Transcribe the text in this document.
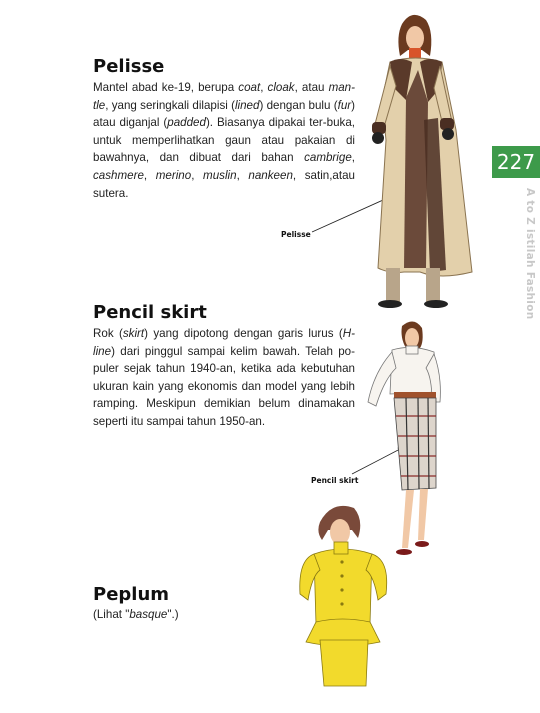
227
A to Z istilah Fashion
Pelisse

Mantel abad ke-19, berupa coat, cloak, atau man-tle, yang seringkali dilapisi (lined) dengan bulu (fur) atau diganjal (padded). Biasanya dipakai ter-buka, untuk memperlihatkan gaun atau pakaian di bawahnya, dan dibuat dari bahan cambrige, cashmere, merino, muslin, nankeen, satin,atau sutera.

Pelisse
Pencil skirt

Rok (skirt) yang dipotong dengan garis lurus (H-line) dari pinggul sampai kelim bawah. Telah po-puler sejak tahun 1940-an, ketika ada kebutuhan ukuran kain yang ekonomis dan model yang lebih ramping. Meskipun demikian belum dinamakan seperti itu sampai tahun 1950-an.

Pencil skirt
Peplum

(Lihat "basque".)
